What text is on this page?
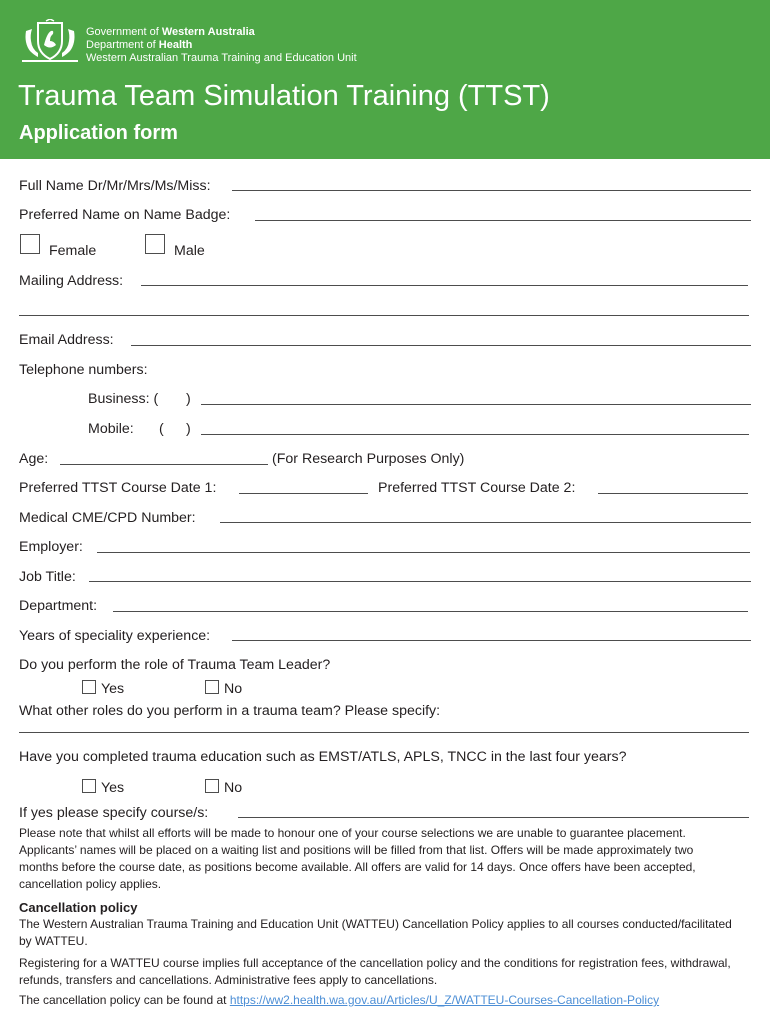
Government of Western Australia
Department of Health
Western Australian Trauma Training and Education Unit
Trauma Team Simulation Training (TTST)
Application form
Full Name Dr/Mr/Mrs/Ms/Miss:
Preferred Name on Name Badge:
Female	Male
Mailing Address:
Email Address:
Telephone numbers:
Business: ( )
Mobile: ( )
Age:	(For Research Purposes Only)
Preferred TTST Course Date 1:	Preferred TTST Course Date 2:
Medical CME/CPD Number:
Employer:
Job Title:
Department:
Years of speciality experience:
Do you perform the role of Trauma Team Leader?
Yes	No
What other roles do you perform in a trauma team? Please specify:
Have you completed trauma education such as EMST/ATLS, APLS, TNCC in the last four years?
Yes	No
If yes please specify course/s:
Please note that whilst all efforts will be made to honour one of your course selections we are unable to guarantee placement.
Applicants’ names will be placed on a waiting list and positions will be filled from that list. Offers will be made approximately two
months before the course date, as positions become available. All offers are valid for 14 days. Once offers have been accepted,
cancellation policy applies.
Cancellation policy
The Western Australian Trauma Training and Education Unit (WATTEU) Cancellation Policy applies to all courses conducted/facilitated
by WATTEU.
Registering for a WATTEU course implies full acceptance of the cancellation policy and the conditions for registration fees, withdrawal,
refunds, transfers and cancellations. Administrative fees apply to cancellations.
The cancellation policy can be found at https://ww2.health.wa.gov.au/Articles/U_Z/WATTEU-Courses-Cancellation-Policy
